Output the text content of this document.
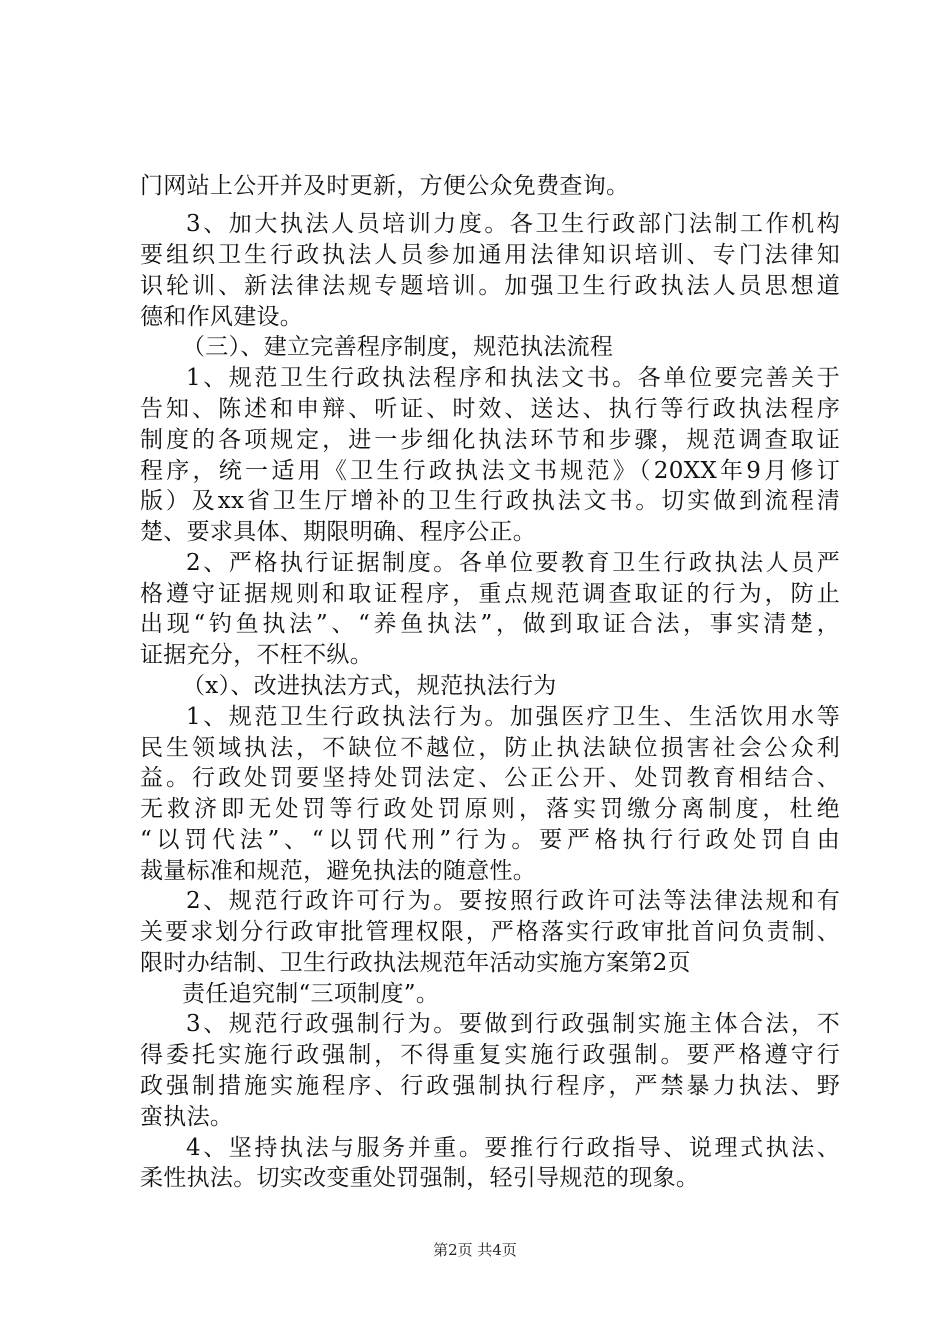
门网站上公开并及时更新，方便公众免费查询。
3、加大执法人员培训力度。各卫生行政部门法制工作机构
要组织卫生行政执法人员参加通用法律知识培训、专门法律知
识轮训、新法律法规专题培训。加强卫生行政执法人员思想道
德和作风建设。
（三）、建立完善程序制度，规范执法流程
1、规范卫生行政执法程序和执法文书。各单位要完善关于
告知、陈述和申辩、听证、时效、送达、执行等行政执法程序
制度的各项规定，进一步细化执法环节和步骤，规范调查取证
程序，统一适用《卫生行政执法文书规范》（20XX年9月修订
版）及xx省卫生厅增补的卫生行政执法文书。切实做到流程清
楚、要求具体、期限明确、程序公正。
2、严格执行证据制度。各单位要教育卫生行政执法人员严
格遵守证据规则和取证程序，重点规范调查取证的行为，防止
出现“钓鱼执法”、“养鱼执法”，做到取证合法，事实清楚，
证据充分，不枉不纵。
（x）、改进执法方式，规范执法行为
1、规范卫生行政执法行为。加强医疗卫生、生活饮用水等
民生领域执法，不缺位不越位，防止执法缺位损害社会公众利
益。行政处罚要坚持处罚法定、公正公开、处罚教育相结合、
无救济即无处罚等行政处罚原则，落实罚缴分离制度，杜绝
“以罚代法”、“以罚代刑”行为。要严格执行行政处罚自由
裁量标准和规范，避免执法的随意性。
2、规范行政许可行为。要按照行政许可法等法律法规和有
关要求划分行政审批管理权限，严格落实行政审批首问负责制、
限时办结制、卫生行政执法规范年活动实施方案第2页
责任追究制“三项制度”。
3、规范行政强制行为。要做到行政强制实施主体合法，不
得委托实施行政强制，不得重复实施行政强制。要严格遵守行
政强制措施实施程序、行政强制执行程序，严禁暴力执法、野
蛮执法。
4、坚持执法与服务并重。要推行行政指导、说理式执法、
柔性执法。切实改变重处罚强制，轻引导规范的现象。
第2页 共4页
